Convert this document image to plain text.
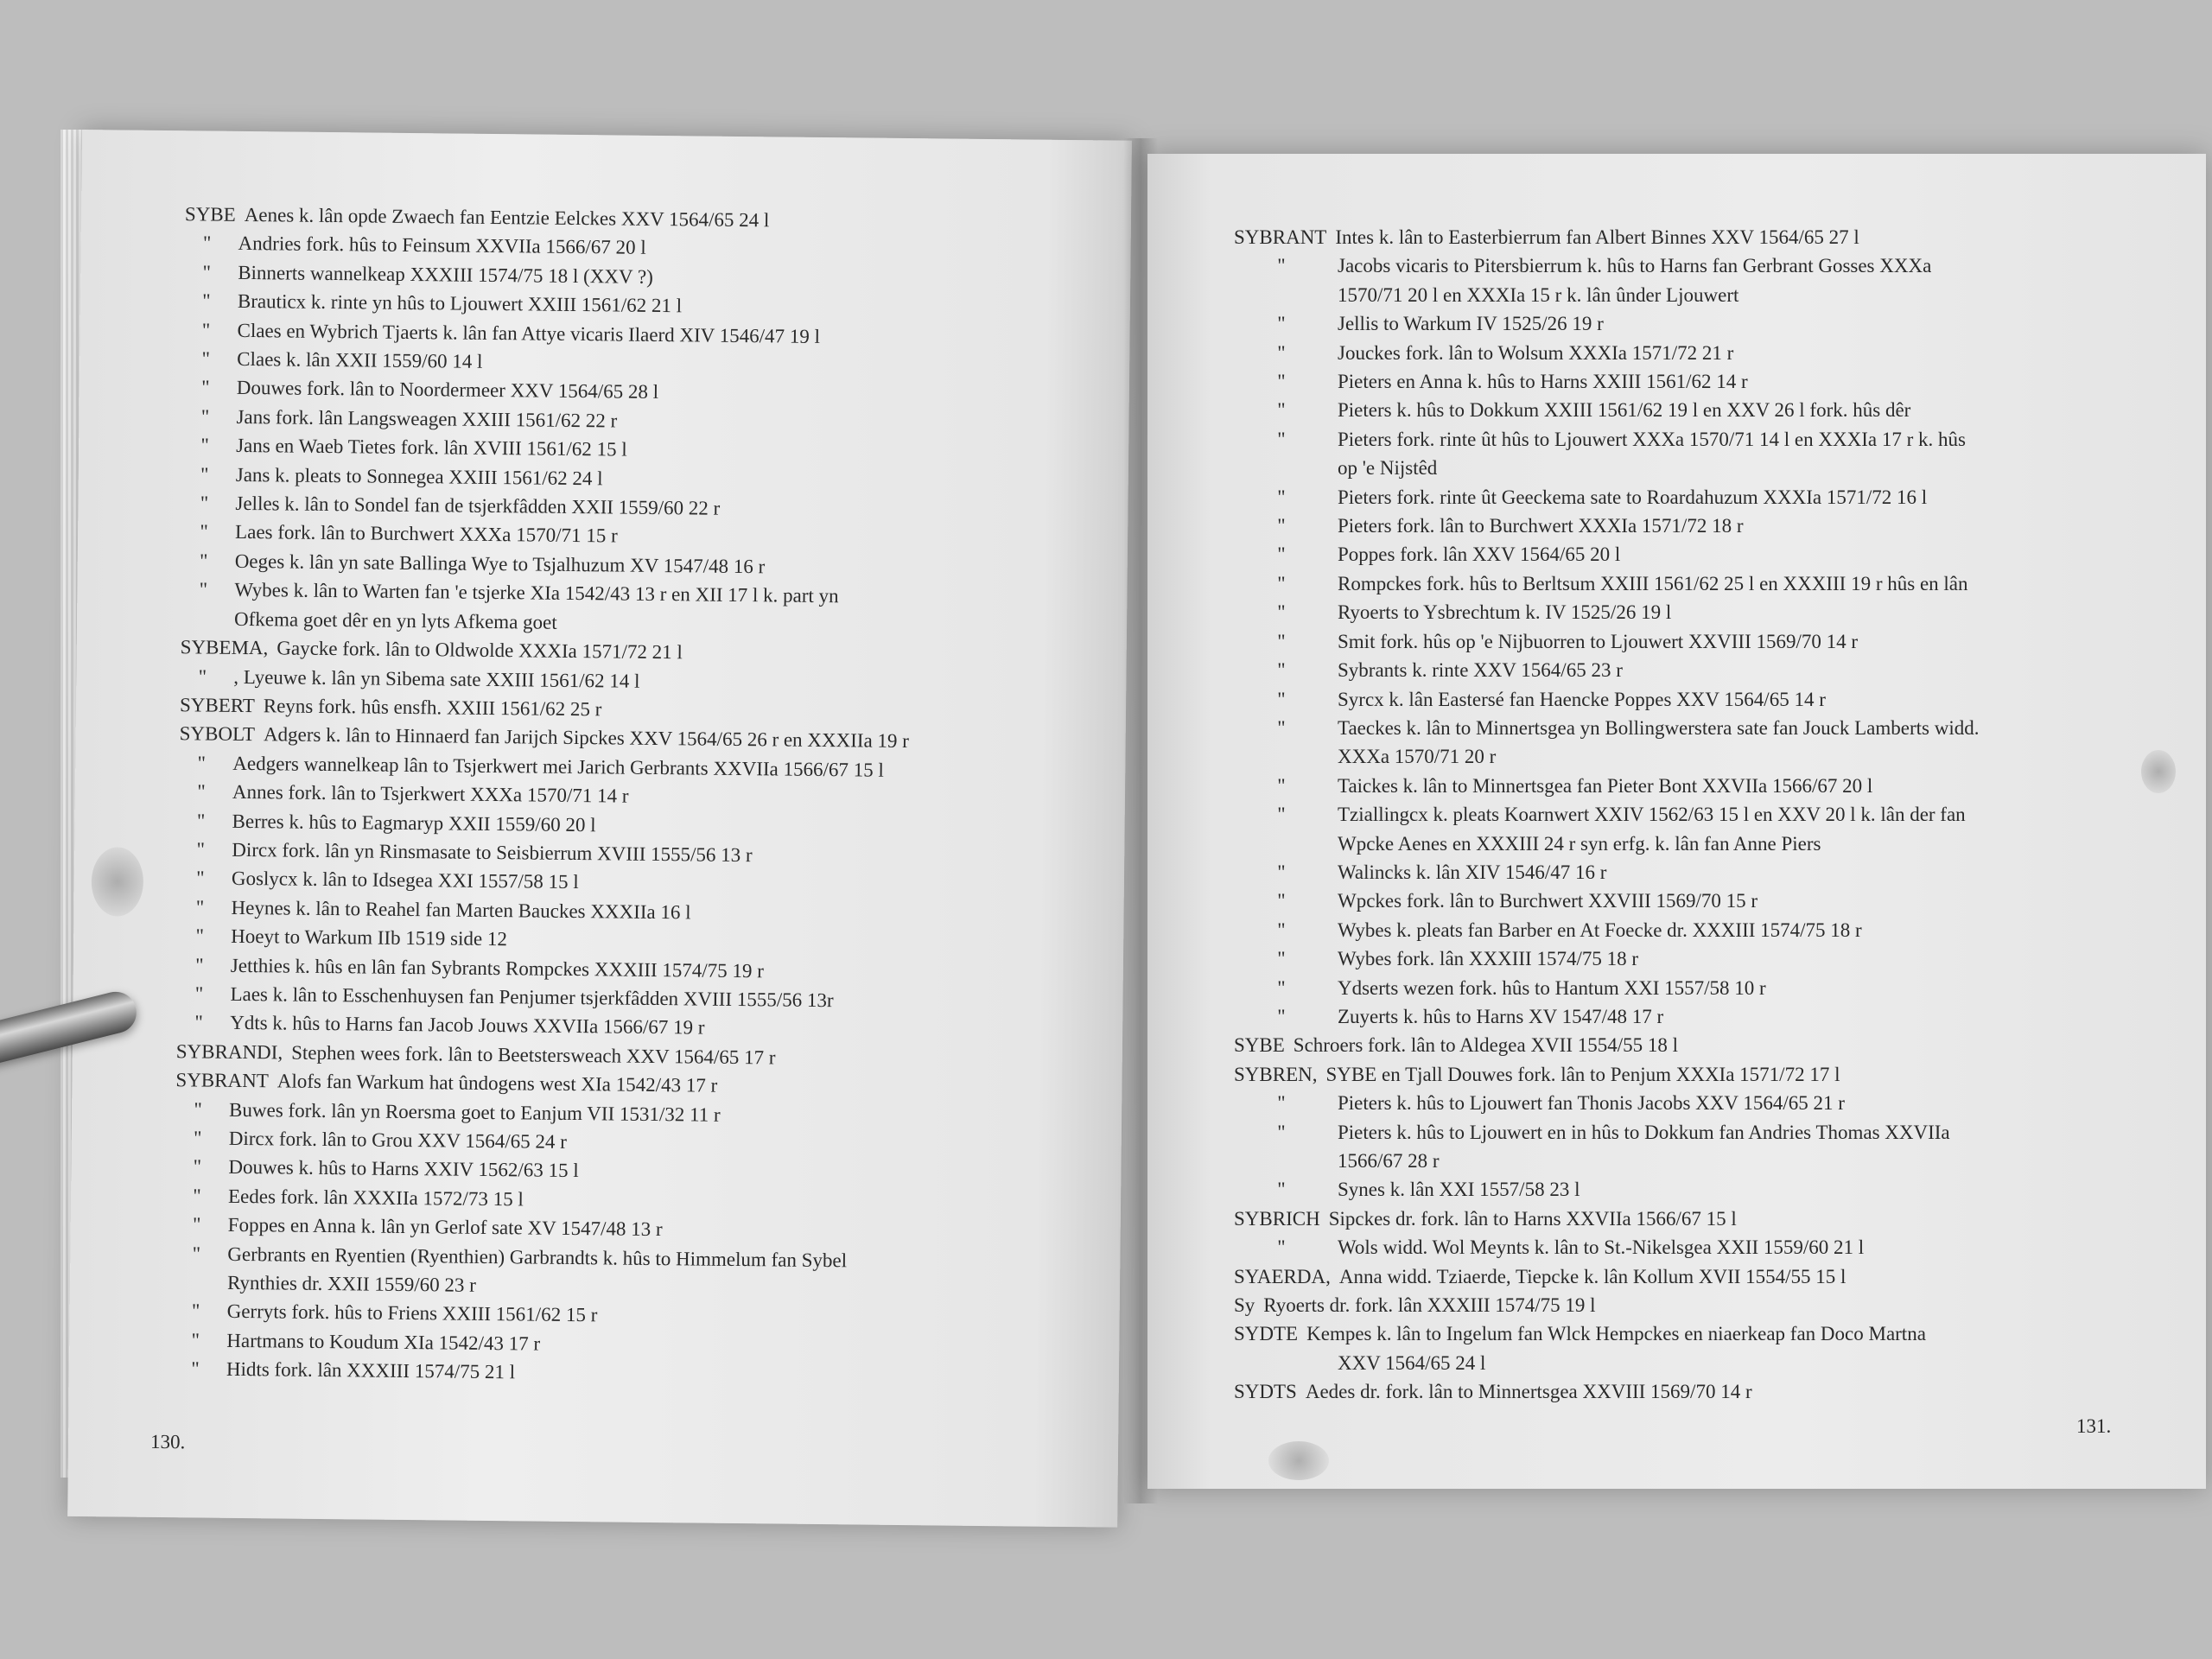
SYBE Aenes k. lân opde Zwaech fan Eentzie Eelckes XXV 1564/65 24 l
" Andries fork. hûs to Feinsum XXVIIa 1566/67 20 l
" Binnerts wannelkeap XXXIII 1574/75 18 l (XXV ?)
" Brauticx k. rinte yn hûs to Ljouwert XXIII 1561/62 21 l
" Claes en Wybrich Tjaerts k. lân fan Attye vicaris Ilaerd XIV 1546/47 19 l
" Claes k. lân XXII 1559/60 14 l
" Douwes fork. lân to Noordermeer XXV 1564/65 28 l
" Jans fork. lân Langsweagen XXIII 1561/62 22 r
" Jans en Waeb Tietes fork. lân XVIII 1561/62 15 l
" Jans k. pleats to Sonnegea XXIII 1561/62 24 l
" Jelles k. lân to Sondel fan de tsjerkfâdden XXII 1559/60 22 r
" Laes fork. lân to Burchwert XXXa 1570/71 15 r
" Oeges k. lân yn sate Ballinga Wye to Tsjalhuzum XV 1547/48 16 r
" Wybes k. lân to Warten fan 'e tsjerke XIa 1542/43 13 r en XII 17 l k. part yn
Ofkema goet dêr en yn lyts Afkema goet
SYBEMA, Gaycke fork. lân to Oldwolde XXXIa 1571/72 21 l
" , Lyeuwe k. lân yn Sibema sate XXIII 1561/62 14 l
SYBERT Reyns fork. hûs ensfh. XXIII 1561/62 25 r
SYBOLT Adgers k. lân to Hinnaerd fan Jarijch Sipckes XXV 1564/65 26 r en XXXIIa 19 r
" Aedgers wannelkeap lân to Tsjerkwert mei Jarich Gerbrants XXVIIa 1566/67 15 l
" Annes fork. lân to Tsjerkwert XXXa 1570/71 14 r
" Berres k. hûs to Eagmaryp XXII 1559/60 20 l
" Dircx fork. lân yn Rinsmasate to Seisbierrum XVIII 1555/56 13 r
" Goslycx k. lân to Idsegea XXI 1557/58 15 l
" Heynes k. lân to Reahel fan Marten Bauckes XXXIIa 16 l
" Hoeyt to Warkum IIb 1519 side 12
" Jetthies k. hûs en lân fan Sybrants Rompckes XXXIII 1574/75 19 r
" Laes k. lân to Esschenhuysen fan Penjumer tsjerkfâdden XVIII 1555/56 13r
" Ydts k. hûs to Harns fan Jacob Jouws XXVIIa 1566/67 19 r
SYBRANDI, Stephen wees fork. lân to Beetstersweach XXV 1564/65 17 r
SYBRANT Alofs fan Warkum hat ûndogens west XIa 1542/43 17 r
" Buwes fork. lân yn Roersma goet to Eanjum VII 1531/32 11 r
" Dircx fork. lân to Grou XXV 1564/65 24 r
" Douwes k. hûs to Harns XXIV 1562/63 15 l
" Eedes fork. lân XXXIIa 1572/73 15 l
" Foppes en Anna k. lân yn Gerlof sate XV 1547/48 13 r
" Gerbrants en Ryentien (Ryenthien) Garbrandts k. hûs to Himmelum fan Sybel
Rynthies dr. XXII 1559/60 23 r
" Gerryts fork. hûs to Friens XXIII 1561/62 15 r
" Hartmans to Koudum XIa 1542/43 17 r
" Hidts fork. lân XXXIII 1574/75 21 l
130.
SYBRANT Intes k. lân to Easterbierrum fan Albert Binnes XXV 1564/65 27 l
"	Jacobs vicaris to Pitersbierrum k. hûs to Harns fan Gerbrant Gosses XXXa
1570/71 20 l en XXXIa 15 r k. lân ûnder Ljouwert
"	Jellis to Warkum IV 1525/26 19 r
"	Jouckes fork. lân to Wolsum XXXIa 1571/72 21 r
"	Pieters en Anna k. hûs to Harns XXIII 1561/62 14 r
"	Pieters k. hûs to Dokkum XXIII 1561/62 19 l en XXV 26 l fork. hûs dêr
"	Pieters fork. rinte ût hûs to Ljouwert XXXa 1570/71 14 l en XXXIa 17 r k. hûs
op 'e Nijstêd
"	Pieters fork. rinte ût Geeckema sate to Roardahuzum XXXIa 1571/72 16 l
"	Pieters fork. lân to Burchwert XXXIa 1571/72 18 r
"	Poppes fork. lân XXV 1564/65 20 l
"	Rompckes fork. hûs to Berltsum XXIII 1561/62 25 l en XXXIII 19 r hûs en lân
"	Ryoerts to Ysbrechtum k. IV 1525/26 19 l
"	Smit fork. hûs op 'e Nijbuorren to Ljouwert XXVIII 1569/70 14 r
"	Sybrants k. rinte XXV 1564/65 23 r
"	Syrcx k. lân Eastersé fan Haencke Poppes XXV 1564/65 14 r
"	Taeckes k. lân to Minnertsgea yn Bollingwerstera sate fan Jouck Lamberts widd.
XXXa 1570/71 20 r
"	Taickes k. lân to Minnertsgea fan Pieter Bont XXVIIa 1566/67 20 l
"	Tziallingcx k. pleats Koarnwert XXIV 1562/63 15 l en XXV 20 l k. lân der fan
Wpcke Aenes en XXXIII 24 r syn erfg. k. lân fan Anne Piers
"	Walincks k. lân XIV 1546/47 16 r
"	Wpckes fork. lân to Burchwert XXVIII 1569/70 15 r
"	Wybes k. pleats fan Barber en At Foecke dr. XXXIII 1574/75 18 r
"	Wybes fork. lân XXXIII 1574/75 18 r
"	Ydserts wezen fork. hûs to Hantum XXI 1557/58 10 r
"	Zuyerts k. hûs to Harns XV 1547/48 17 r
SYBE Schroers fork. lân to Aldegea XVII 1554/55 18 l
SYBREN, SYBE en Tjall Douwes fork. lân to Penjum XXXIa 1571/72 17 l
"	Pieters k. hûs to Ljouwert fan Thonis Jacobs XXV 1564/65 21 r
"	Pieters k. hûs to Ljouwert en in hûs to Dokkum fan Andries Thomas XXVIIa
1566/67 28 r
"	Synes k. lân XXI 1557/58 23 l
SYBRICH Sipckes dr. fork. lân to Harns XXVIIa 1566/67 15 l
"	Wols widd. Wol Meynts k. lân to St.-Nikelsgea XXII 1559/60 21 l
SYAERDA, Anna widd. Tziaerde, Tiepcke k. lân Kollum XVII 1554/55 15 l
Sy Ryoerts dr. fork. lân XXXIII 1574/75 19 l
SYDTE Kempes k. lân to Ingelum fan Wlck Hempckes en niaerkeap fan Doco Martna
XXV 1564/65 24 l
SYDTS Aedes dr. fork. lân to Minnertsgea XXVIII 1569/70 14 r
131.
